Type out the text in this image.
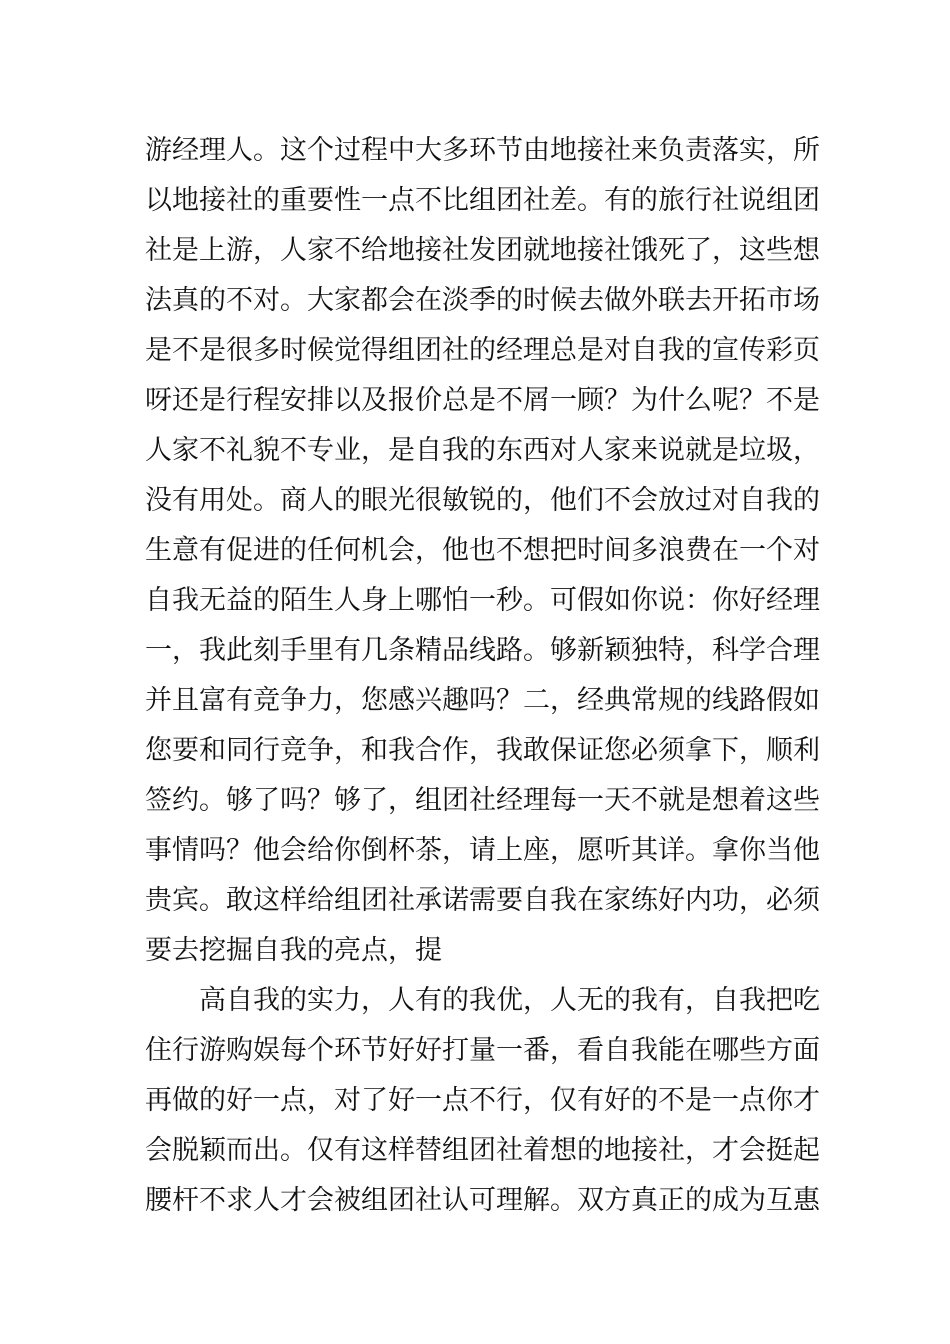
游经理人。这个过程中大多环节由地接社来负责落实，所
以地接社的重要性一点不比组团社差。有的旅行社说组团
社是上游，人家不给地接社发团就地接社饿死了，这些想
法真的不对。大家都会在淡季的时候去做外联去开拓市场
是不是很多时候觉得组团社的经理总是对自我的宣传彩页
呀还是行程安排以及报价总是不屑一顾？为什么呢？不是
人家不礼貌不专业，是自我的东西对人家来说就是垃圾，
没有用处。商人的眼光很敏锐的，他们不会放过对自我的
生意有促进的任何机会，他也不想把时间多浪费在一个对
自我无益的陌生人身上哪怕一秒。可假如你说：你好经理
一，我此刻手里有几条精品线路。够新颖独特，科学合理
并且富有竞争力，您感兴趣吗？二，经典常规的线路假如
您要和同行竞争，和我合作，我敢保证您必须拿下，顺利
签约。够了吗？够了，组团社经理每一天不就是想着这些
事情吗？他会给你倒杯茶，请上座，愿听其详。拿你当他
贵宾。敢这样给组团社承诺需要自我在家练好内功，必须
要去挖掘自我的亮点，提
高自我的实力，人有的我优，人无的我有，自我把吃
住行游购娱每个环节好好打量一番，看自我能在哪些方面
再做的好一点，对了好一点不行，仅有好的不是一点你才
会脱颖而出。仅有这样替组团社着想的地接社，才会挺起
腰杆不求人才会被组团社认可理解。双方真正的成为互惠
